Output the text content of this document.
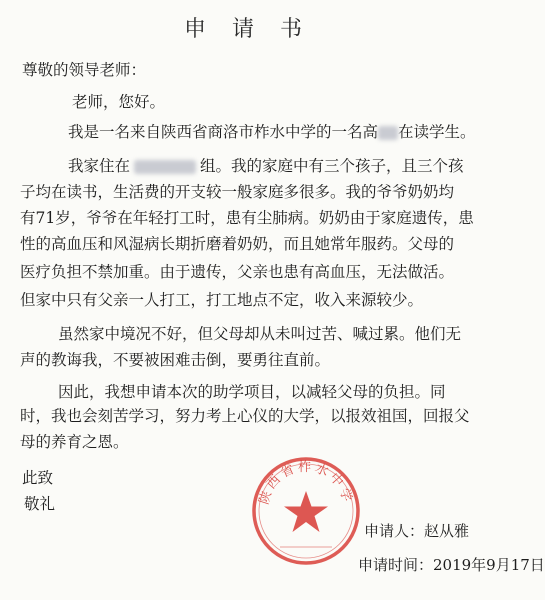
申请书
尊敬的领导老师：
老师，您好。
我是一名来自陕西省商洛市柞水中学的一名高 在读学生。
我家住在	组。我的家庭中有三个孩子，且三个孩
子均在读书，生活费的开支较一般家庭多很多。我的爷爷奶奶均
有71岁，爷爷在年轻打工时，患有尘肺病。奶奶由于家庭遗传，患
性的高血压和风湿病长期折磨着奶奶，而且她常年服药。父母的
医疗负担不禁加重。由于遗传，父亲也患有高血压，无法做活。
但家中只有父亲一人打工，打工地点不定，收入来源较少。
虽然家中境况不好，但父母却从未叫过苦、喊过累。他们无
声的教诲我，不要被困难击倒，要勇往直前。
因此，我想申请本次的助学项目，以减轻父母的负担。同
时，我也会刻苦学习，努力考上心仪的大学，以报效祖国，回报父
母的养育之恩。
此致
敬礼	陕西省柞水中学
申请人：赵从雅
申请时间：2019年9月17日
